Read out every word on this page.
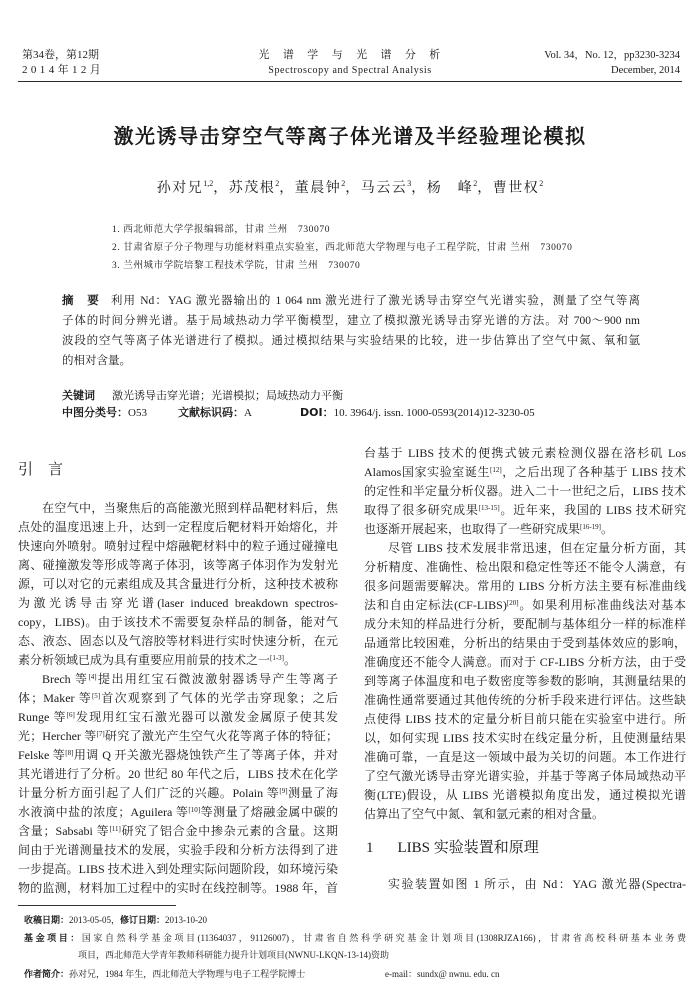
第34卷，第12期
2014年12月
光　谱　学　与　光　谱　分　析
Spectroscopy and Spectral Analysis
Vol. 34，No. 12，pp3230-3234
December, 2014
激光诱导击穿空气等离子体光谱及半经验理论模拟
孙对兄$^{1,2}$，苏茂根$^2$，董晨钟$^2$，马云云$^3$，杨　峰$^2$，曹世权$^2$
1. 西北师范大学学报编辑部，甘肃 兰州　730070
2. 甘肃省原子分子物理与功能材料重点实验室，西北师范大学物理与电子工程学院，甘肃 兰州　730070
3. 兰州城市学院培黎工程技术学院，甘肃 兰州　730070
摘　要 利用 Nd：YAG 激光器输出的 1 064 nm 激光进行了激光诱导击穿空气光谱实验，测量了空气等离
子体的时间分辨光谱。基于局域热动力学平衡模型，建立了模拟激光诱导击穿光谱的方法。对 700～900 nm
波段的空气等离子体光谱进行了模拟。通过模拟结果与实验结果的比较，进一步估算出了空气中氮、氧和氩
的相对含量。
关键词 激光诱导击穿光谱；光谱模拟；局域热动力平衡
中图分类号：O53	文献标识码：A	DOI：10. 3964/j. issn. 1000-0593(2014)12-3230-05
引　言
在空气中，当聚焦后的高能激光照到样品靶材料后，焦
点处的温度迅速上升，达到一定程度后靶材料开始熔化，并
快速向外喷射。喷射过程中熔融靶材料中的粒子通过碰撞电
离、碰撞激发等形成等离子体羽，该等离子体羽作为发射光
源，可以对它的元素组成及其含量进行分析，这种技术被称
为激光诱导击穿光谱(laser induced breakdown spectros-
copy，LIBS)。由于该技术不需要复杂样品的制备，能对气
态、液态、固态以及气溶胶等材料进行实时快速分析，在元
素分析领域已成为具有重要应用前景的技术之一[1-3]。
Brech 等[4]提出用红宝石微波激射器诱导产生等离子
体；Maker 等[5]首次观察到了气体的光学击穿现象；之后
Runge 等[6]发现用红宝石激光器可以激发金属原子使其发
光；Hercher 等[7]研究了激光产生空气火花等离子体的特征；
Felske 等[8]用调 Q 开关激光器烧蚀铁产生了等离子体，并对
其光谱进行了分析。20 世纪 80 年代之后，LIBS 技术在化学
计量分析方面引起了人们广泛的兴趣。Polain 等[9]测量了海
水液滴中盐的浓度；Aguilera 等[10]等测量了熔融金属中碳的
含量；Sabsabi 等[11]研究了铝合金中掺杂元素的含量。这期
间由于光谱测量技术的发展，实验手段和分析方法得到了进
一步提高。LIBS 技术进入到处理实际问题阶段，如环境污染
物的监测，材料加工过程中的实时在线控制等。1988 年，首
台基于 LIBS 技术的便携式铍元素检测仪器在洛杉矶 Los
Alamos国家实验室诞生[12]，之后出现了各种基于 LIBS 技术
的定性和半定量分析仪器。进入二十一世纪之后，LIBS 技术
取得了很多研究成果[13-15]。近年来，我国的 LIBS 技术研究
也逐渐开展起来，也取得了一些研究成果[16-19]。
尽管 LIBS 技术发展非常迅速，但在定量分析方面，其
分析精度、准确性、检出限和稳定性等还不能令人满意，有
很多问题需要解决。常用的 LIBS 分析方法主要有标准曲线
法和自由定标法(CF-LIBS)[20]。如果利用标准曲线法对基本
成分未知的样品进行分析，要配制与基体组分一样的标准样
品通常比较困难，分析出的结果由于受到基体效应的影响，
准确度还不能令人满意。而对于 CF-LIBS 分析方法，由于受
到等离子体温度和电子数密度等参数的影响，其测量结果的
准确性通常要通过其他传统的分析手段来进行评估。这些缺
点使得 LIBS 技术的定量分析目前只能在实验室中进行。所
以，如何实现 LIBS 技术实时在线定量分析，且使测量结果
准确可靠，一直是这一领域中最为关切的问题。本工作进行
了空气激光诱导击穿光谱实验，并基于等离子体局域热动平
衡(LTE)假设，从 LIBS 光谱模拟角度出发，通过模拟光谱
估算出了空气中氮、氧和氩元素的相对含量。
1 LIBS 实验装置和原理
实验装置如图 1 所示，由 Nd：YAG 激光器(Spectra-
收稿日期：2013-05-05，修订日期：2013-10-20
基金项目：国家自然科学基金项目(11364037，91126007)，甘肃省自然科学研究基金计划项目(1308RJZA166)，甘肃省高校科研基本业务费
项目，西北师范大学青年教师科研能力提升计划项目(NWNU-LKQN-13-14)资助
作者简介：孙对兄，1984 年生，西北师范大学物理与电子工程学院博士	e-mail：sundx@ nwnu. edu. cn
